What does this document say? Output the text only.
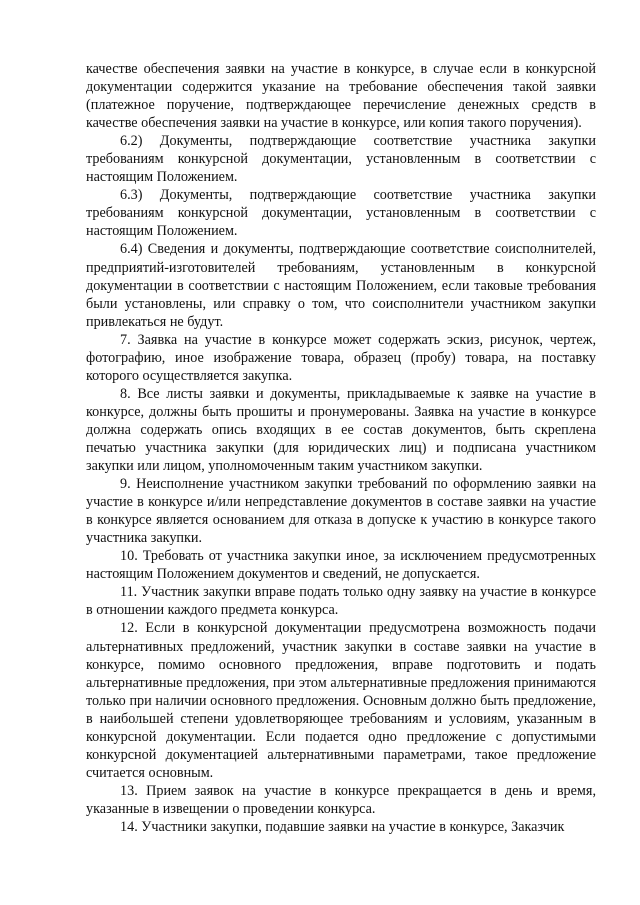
качестве обеспечения заявки на участие в конкурсе, в случае если в конкурсной документации содержится указание на требование обеспечения такой заявки (платежное поручение, подтверждающее перечисление денежных средств в качестве обеспечения заявки на участие в конкурсе, или копия такого поручения).

6.2) Документы, подтверждающие соответствие участника закупки требованиям конкурсной документации, установленным в соответствии с настоящим Положением.

6.3) Документы, подтверждающие соответствие участника закупки требованиям конкурсной документации, установленным в соответствии с настоящим Положением.

6.4) Сведения и документы, подтверждающие соответствие соисполнителей, предприятий-изготовителей требованиям, установленным в конкурсной документации в соответствии с настоящим Положением, если таковые требования были установлены, или справку о том, что соисполнители участником закупки привлекаться не будут.

7. Заявка на участие в конкурсе может содержать эскиз, рисунок, чертеж, фотографию, иное изображение товара, образец (пробу) товара, на поставку которого осуществляется закупка.

8. Все листы заявки и документы, прикладываемые к заявке на участие в конкурсе, должны быть прошиты и пронумерованы. Заявка на участие в конкурсе должна содержать опись входящих в ее состав документов, быть скреплена печатью участника закупки (для юридических лиц) и подписана участником закупки или лицом, уполномоченным таким участником закупки.

9. Неисполнение участником закупки требований по оформлению заявки на участие в конкурсе и/или непредставление документов в составе заявки на участие в конкурсе является основанием для отказа в допуске к участию в конкурсе такого участника закупки.

10. Требовать от участника закупки иное, за исключением предусмотренных настоящим Положением документов и сведений, не допускается.

11. Участник закупки вправе подать только одну заявку на участие в конкурсе в отношении каждого предмета конкурса.

12. Если в конкурсной документации предусмотрена возможность подачи альтернативных предложений, участник закупки в составе заявки на участие в конкурсе, помимо основного предложения, вправе подготовить и подать альтернативные предложения, при этом альтернативные предложения принимаются только при наличии основного предложения. Основным должно быть предложение, в наибольшей степени удовлетворяющее требованиям и условиям, указанным в конкурсной документации. Если подается одно предложение с допустимыми конкурсной документацией альтернативными параметрами, такое предложение считается основным.

13. Прием заявок на участие в конкурсе прекращается в день и время, указанные в извещении о проведении конкурса.

14. Участники закупки, подавшие заявки на участие в конкурсе, Заказчик
